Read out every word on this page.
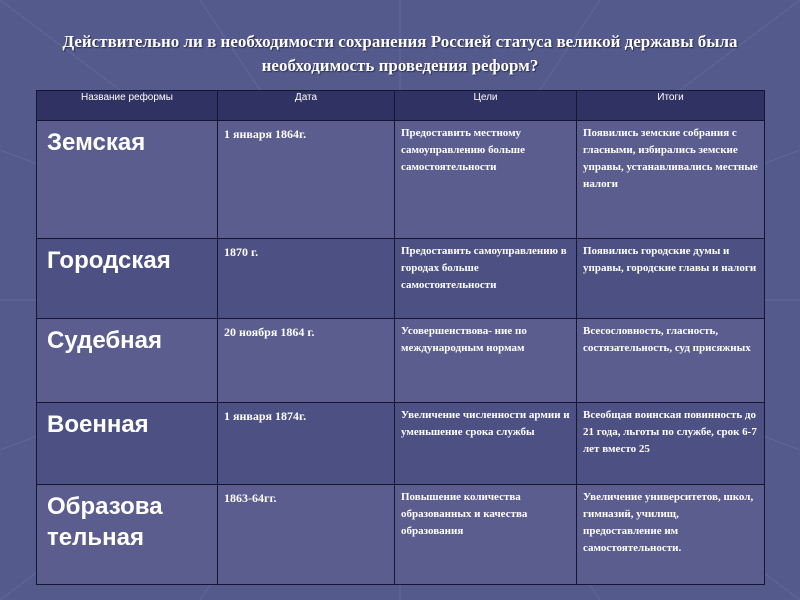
Действительно ли в необходимости сохранения Россией статуса великой державы была необходимость проведения реформ?
Название реформы	Дата	Цели	Итоги
Земская	1 января 1864г.	Предоставить местному самоуправлению больше самостоятельности	Появились земские собрания с гласными, избирались земские управы, устанавливались местные налоги
Городская	1870 г.	Предоставить самоуправлению в городах больше самостоятельности	Появились городские думы и управы, городские главы и налоги
Судебная	20 ноября 1864 г.	Усовершенствова- ние по международным нормам	Всесословность, гласность, состязательность, суд присяжных
Военная	1 января 1874г.	Увеличение численности армии и уменьшение срока службы	Всеобщая воинская повинность до 21 года, льготы по службе, срок 6-7 лет вместо 25
Образова тельная	1863-64гг.	Повышение количества образованных и качества образования	Увеличение университетов, школ, гимназий, училищ, предоставление им самостоятельности.
